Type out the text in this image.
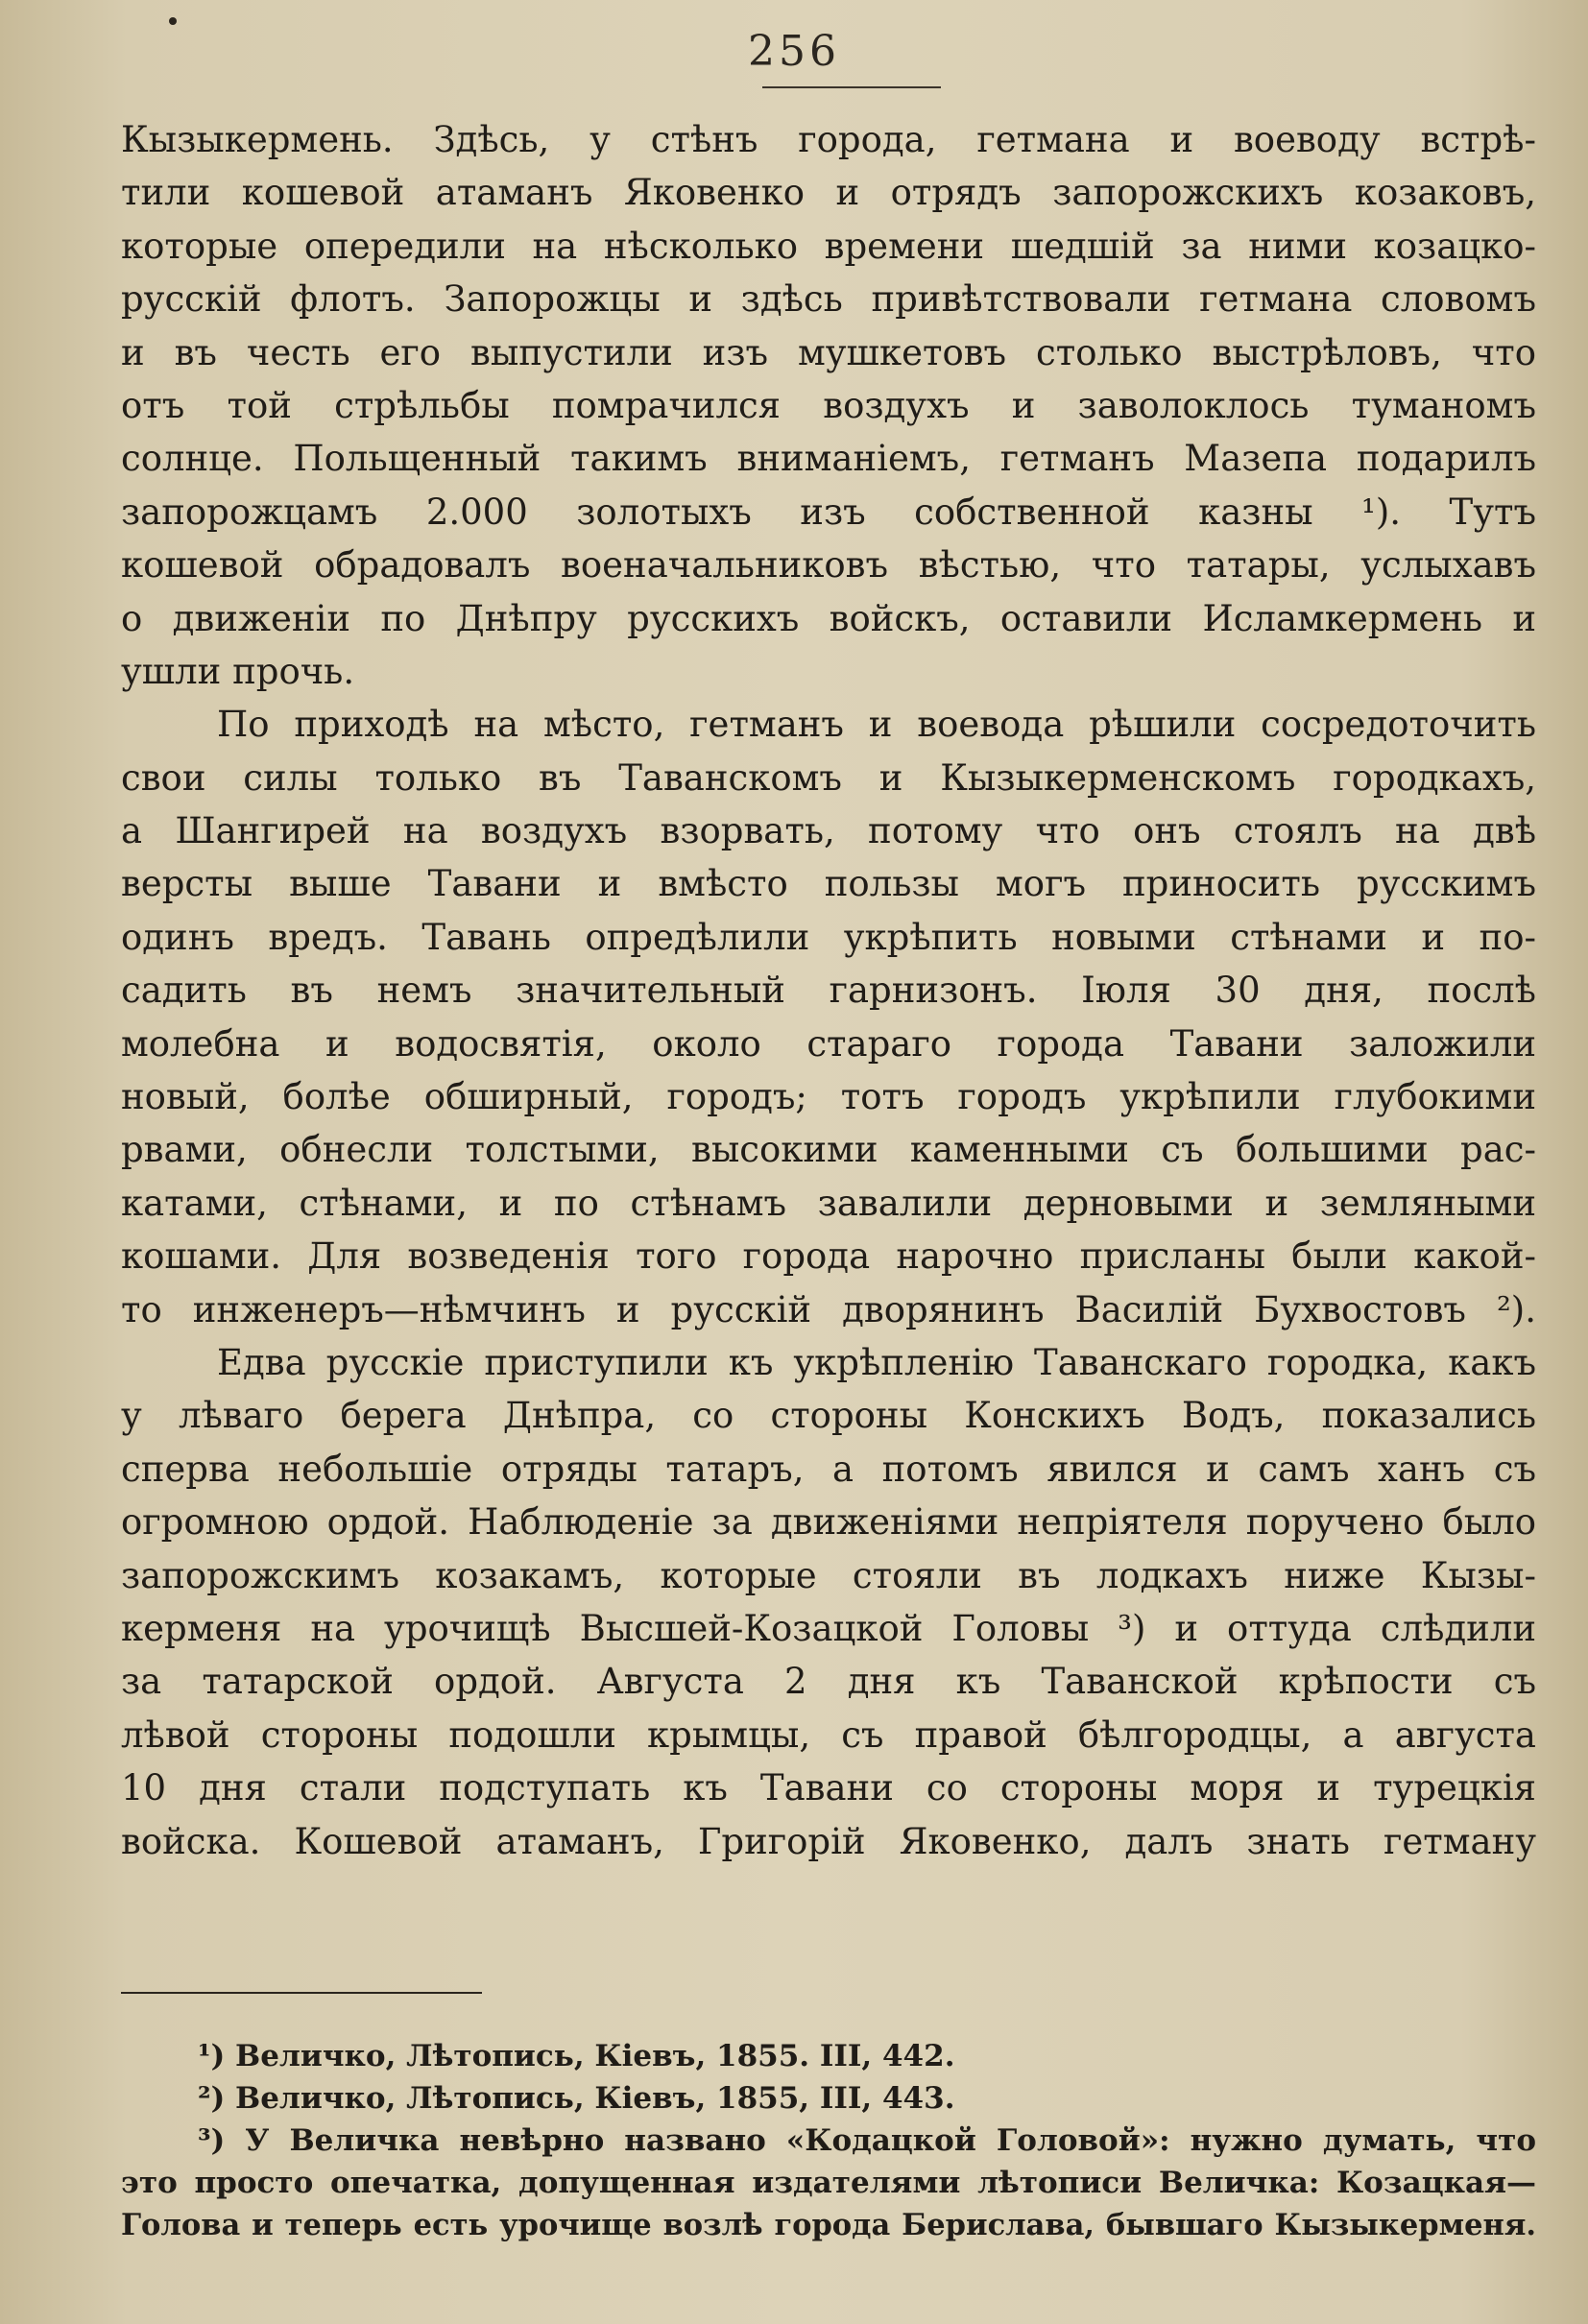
256
Кызыкермень. Здѣсь, у стѣнъ города, гетмана и воеводу встрѣ-
тили кошевой атаманъ Яковенко и отрядъ запорожскихъ козаковъ,
которые опередили на нѣсколько времени шедшій за ними козацко-
русскій флотъ. Запорожцы и здѣсь привѣтствовали гетмана словомъ
и въ честь его выпустили изъ мушкетовъ столько выстрѣловъ, что
отъ той стрѣльбы помрачился воздухъ и заволоклось туманомъ
солнце. Польщенный такимъ вниманіемъ, гетманъ Мазепа подарилъ
запорожцамъ 2.000 золотыхъ изъ собственной казны ¹). Тутъ
кошевой обрадовалъ военачальниковъ вѣстью, что татары, услыхавъ
о движеніи по Днѣпру русскихъ войскъ, оставили Исламкермень и
ушли прочь.
По приходѣ на мѣсто, гетманъ и воевода рѣшили сосредоточить
свои силы только въ Таванскомъ и Кызыкерменскомъ городкахъ,
а Шангирей на воздухъ взорвать, потому что онъ стоялъ на двѣ
версты выше Тавани и вмѣсто пользы могъ приносить русскимъ
одинъ вредъ. Тавань опредѣлили укрѣпить новыми стѣнами и по-
садить въ немъ значительный гарнизонъ. Іюля 30 дня, послѣ
молебна и водосвятія, около стараго города Тавани заложили
новый, болѣе обширный, городъ; тотъ городъ укрѣпили глубокими
рвами, обнесли толстыми, высокими каменными съ большими рас-
катами, стѣнами, и по стѣнамъ завалили дерновыми и земляными
кошами. Для возведенія того города нарочно присланы были какой-
то инженеръ—нѣмчинъ и русскій дворянинъ Василій Бухвостовъ ²).
Едва русскіе приступили къ укрѣпленію Таванскаго городка, какъ
у лѣваго берега Днѣпра, со стороны Конскихъ Водъ, показались
сперва небольшіе отряды татаръ, а потомъ явился и самъ ханъ съ
огромною ордой. Наблюденіе за движеніями непріятеля поручено было
запорожскимъ козакамъ, которые стояли въ лодкахъ ниже Кызы-
керменя на урочищѣ Высшей-Козацкой Головы ³) и оттуда слѣдили
за татарской ордой. Августа 2 дня къ Таванской крѣпости съ
лѣвой стороны подошли крымцы, съ правой бѣлгородцы, а августа
10 дня стали подступать къ Тавани со стороны моря и турецкія
войска. Кошевой атаманъ, Григорій Яковенко, далъ знать гетману
¹) Величко, Лѣтопись, Кіевъ, 1855. III, 442.
²) Величко, Лѣтопись, Кіевъ, 1855, III, 443.
³) У Величка невѣрно названо «Кодацкой Головой»: нужно думать, что
это просто опечатка, допущенная издателями лѣтописи Величка: Козацкая—
Голова и теперь есть урочище возлѣ города Берислава, бывшаго Кызыкерменя.
